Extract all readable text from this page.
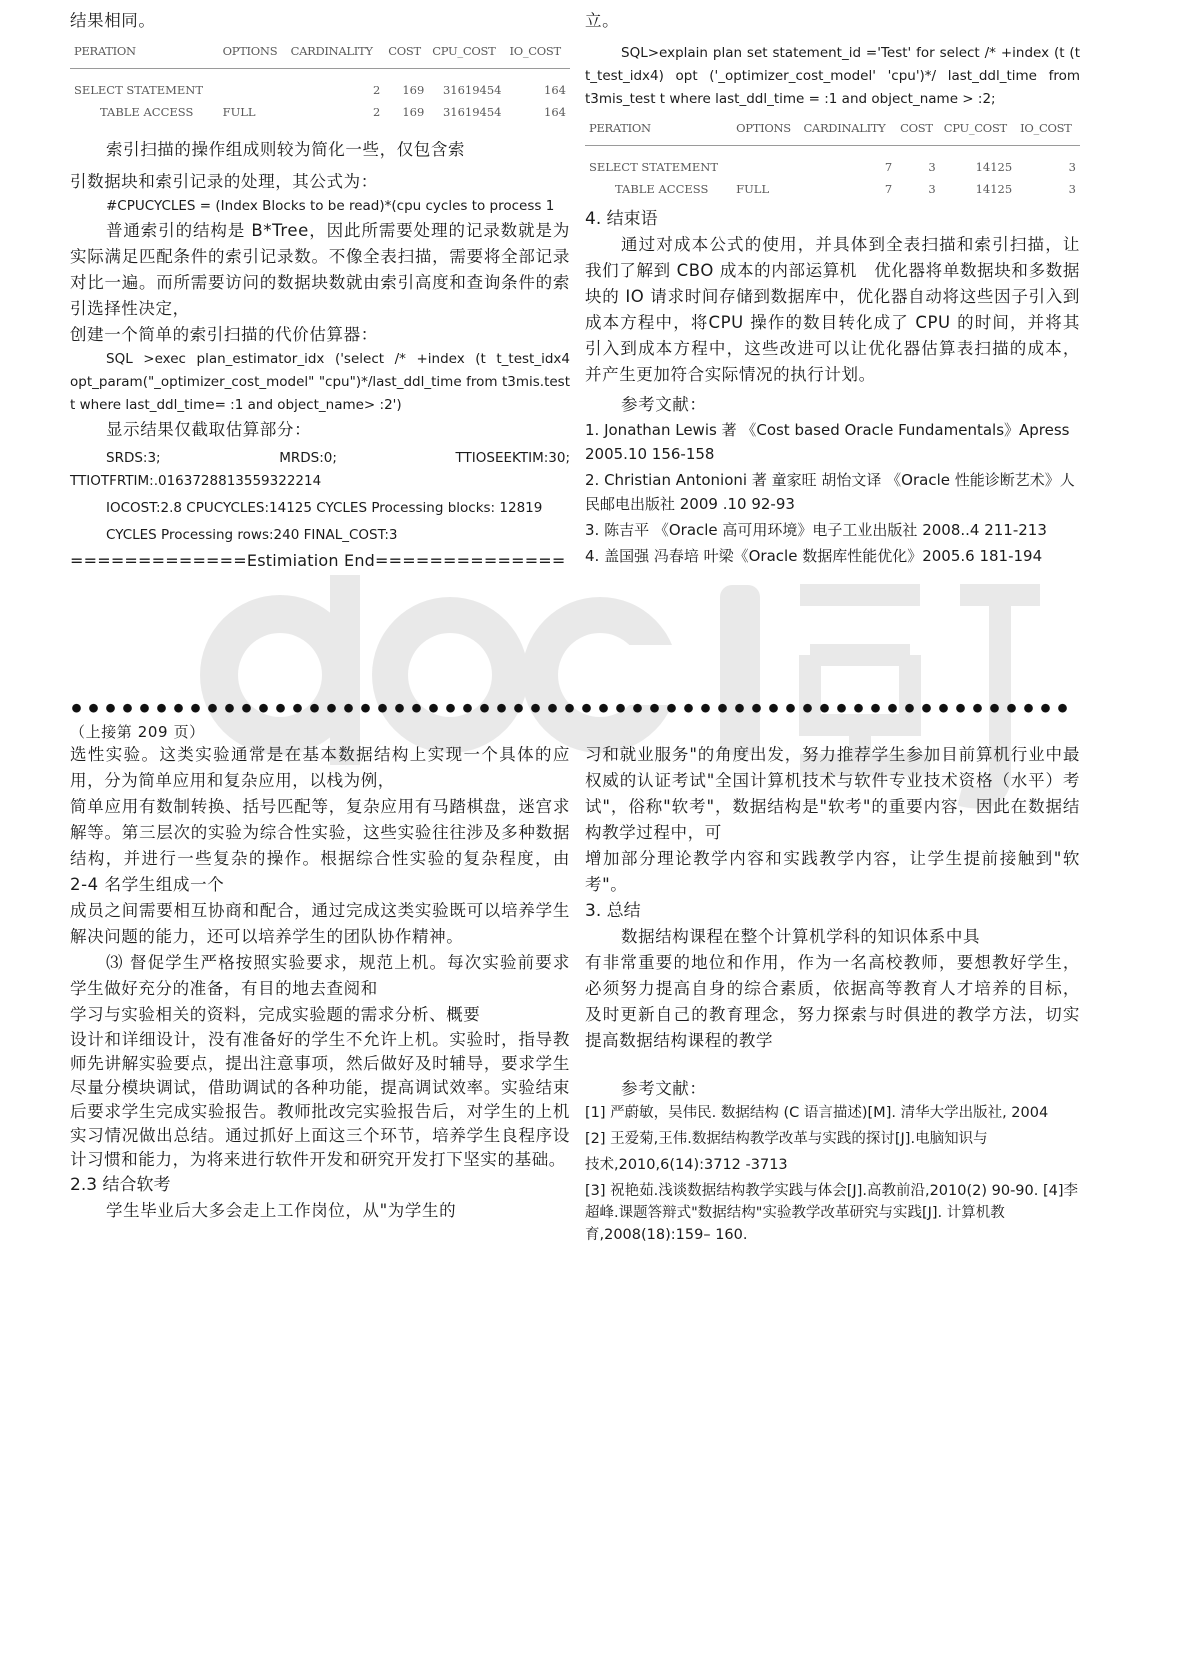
结果相同。

PERATION	OPTIONS	CARDINALITY	COST	CPU_COST	IO_COST
SELECT STATEMENT		2	169	31619454	164
TABLE ACCESS	FULL	2	169	31619454	164

索引扫描的操作组成则较为简化一些，仅包含索

引数据块和索引记录的处理，其公式为：

#CPUCYCLES = (Index Blocks to be read)*(cpu cycles to process 1

普通索引的结构是 B*Tree，因此所需要处理的记录数就是为实际满足匹配条件的索引记录数。不像全表扫描，需要将全部记录对比一遍。而所需要访问的数据块数就由索引高度和查询条件的索引选择性决定，

创建一个简单的索引扫描的代价估算器：

SQL >exec plan_estimator_idx ('select /* +index (t t_test_idx4 opt_param("_optimizer_cost_model" "cpu")*/last_ddl_time from t3mis.test t where last_ddl_time= :1 and object_name> :2')

显示结果仅截取估算部分：

SRDS:3; MRDS:0; TTIOSEEKTIM:30; TTIOTFRTIM:.0163728813559322214

IOCOST:2.8 CPUCYCLES:14125 CYCLES Processing blocks: 12819

CYCLES Processing rows:240 FINAL_COST:3

=============Estimiation End==============

立。

SQL>explain plan set statement_id ='Test' for select /* +index (t (t t_test_idx4) opt ('_optimizer_cost_model' 'cpu')*/ last_ddl_time from t3mis_test t where last_ddl_time = :1 and object_name > :2;

PERATION	OPTIONS	CARDINALITY	COST	CPU_COST	IO_COST
SELECT STATEMENT		7	3	14125	3
TABLE ACCESS	FULL	7	3	14125	3

4. 结束语

通过对成本公式的使用，并具体到全表扫描和索引扫描，让我们了解到 CBO 成本的内部运算机　优化器将单数据块和多数据块的 IO 请求时间存储到数据库中，优化器自动将这些因子引入到成本方程中，将CPU 操作的数目转化成了 CPU 的时间，并将其引入到成本方程中，这些改进可以让优化器估算表扫描的成本，并产生更加符合实际情况的执行计划。

参考文献：

1. Jonathan Lewis 著 《Cost based Oracle Fundamentals》Apress 2005.10 156-158

2. Christian Antonioni 著 童家旺 胡怡文译 《Oracle 性能诊断艺术》人民邮电出版社 2009 .10 92-93

3. 陈吉平 《Oracle 高可用环境》电子工业出版社 2008..4 211-213

4. 盖国强 冯春培 叶梁《Oracle 数据库性能优化》2005.6 181-194

（上接第 209 页）

选性实验。这类实验通常是在基本数据结构上实现一个具体的应用，分为简单应用和复杂应用，以栈为例，

简单应用有数制转换、括号匹配等，复杂应用有马踏棋盘，迷宫求解等。第三层次的实验为综合性实验，这些实验往往涉及多种数据结构，并进行一些复杂的操作。根据综合性实验的复杂程度，由 2-4 名学生组成一个

成员之间需要相互协商和配合，通过完成这类实验既可以培养学生解决问题的能力，还可以培养学生的团队协作精神。

⑶ 督促学生严格按照实验要求，规范上机。每次实验前要求学生做好充分的准备，有目的地去查阅和

学习与实验相关的资料，完成实验题的需求分析、概要

设计和详细设计，没有准备好的学生不允许上机。实验时，指导教师先讲解实验要点，提出注意事项，然后做好及时辅导，要求学生尽量分模块调试，借助调试的各种功能，提高调试效率。实验结束后要求学生完成实验报告。教师批改完实验报告后，对学生的上机实习情况做出总结。通过抓好上面这三个环节，培养学生良程序设计习惯和能力，为将来进行软件开发和研究开发打下坚实的基础。

2.3 结合软考

学生毕业后大多会走上工作岗位，从"为学生的

习和就业服务"的角度出发，努力推荐学生参加目前算机行业中最权威的认证考试"全国计算机技术与软件专业技术资格（水平）考试"，俗称"软考"，数据结构是"软考"的重要内容，因此在数据结构教学过程中，可

增加部分理论教学内容和实践教学内容，让学生提前接触到"软考"。

3. 总结

数据结构课程在整个计算机学科的知识体系中具

有非常重要的地位和作用，作为一名高校教师，要想教好学生，必须努力提高自身的综合素质，依据高等教育人才培养的目标，及时更新自己的教育理念，努力探索与时俱进的教学方法，切实提高数据结构课程的教学

参考文献：

[1] 严蔚敏，吴伟民. 数据结构 (C 语言描述)[M]. 清华大学出版社, 2004

[2] 王爱菊,王伟.数据结构教学改革与实践的探讨[J].电脑知识与

技术,2010,6(14):3712 -3713

[3] 祝艳茹.浅谈数据结构教学实践与体会[J].高教前沿,2010(2) 90-90. [4]李超峰.课题答辩式"数据结构"实验教学改革研究与实践[J]. 计算机教育,2008(18):159– 160.
